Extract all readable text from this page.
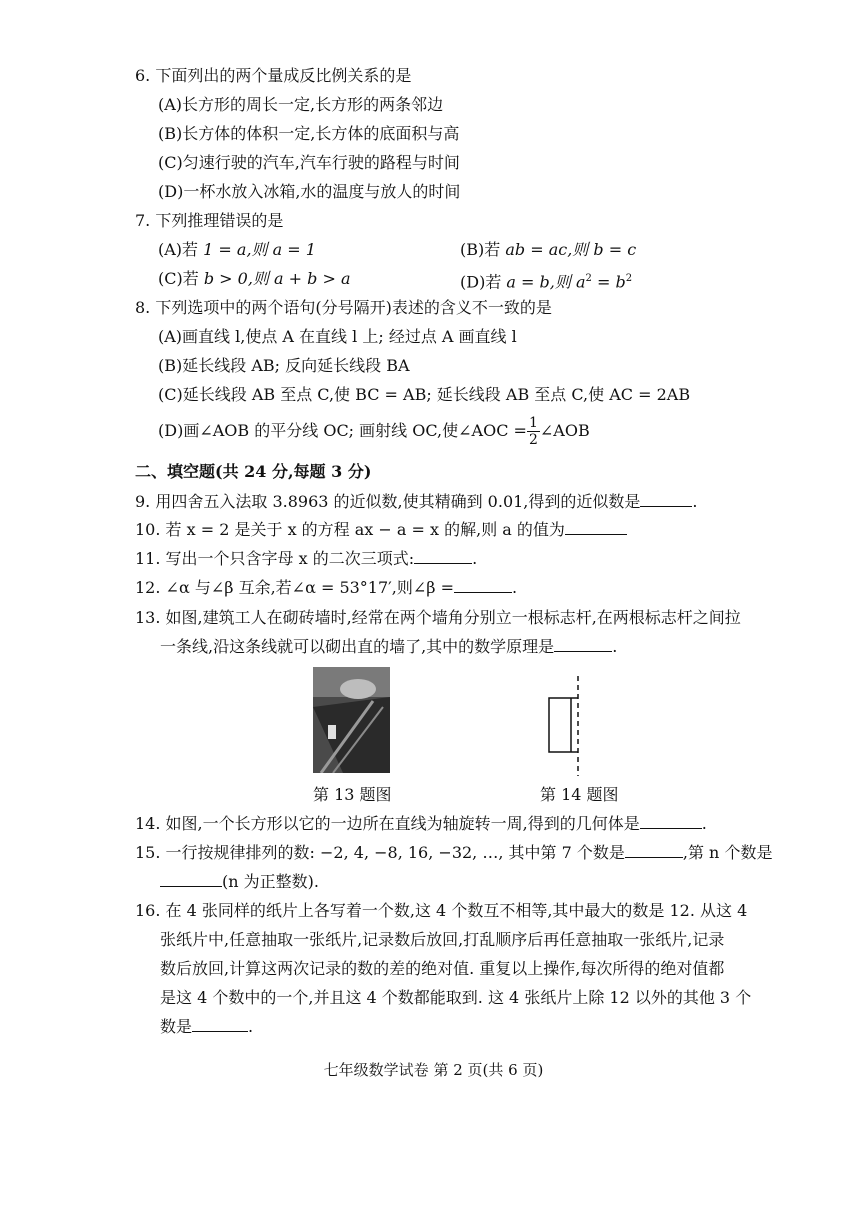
6. 下面列出的两个量成反比例关系的是
(A)长方形的周长一定,长方形的两条邻边
(B)长方体的体积一定,长方体的底面积与高
(C)匀速行驶的汽车,汽车行驶的路程与时间
(D)一杯水放入冰箱,水的温度与放人的时间
7. 下列推理错误的是
(A)若 1 = a,则 a = 1	(B)若 ab = ac,则 b = c
(C)若 b > 0,则 a + b > a	(D)若 a = b,则 $a^2 = b^2$
8. 下列选项中的两个语句(分号隔开)表述的含义不一致的是
(A)画直线 l,使点 A 在直线 l 上; 经过点 A 画直线 l
(B)延长线段 AB; 反向延长线段 BA
(C)延长线段 AB 至点 C,使 BC = AB; 延长线段 AB 至点 C,使 AC = 2AB
(D)画∠AOB 的平分线 OC; 画射线 OC,使∠AOC = $\frac{1}{2}$ ∠AOB
二、填空题(共 24 分,每题 3 分)
9. 用四舍五入法取 3.8963 的近似数,使其精确到 0.01,得到的近似数是	.
10. 若 x = 2 是关于 x 的方程 ax − a = x 的解,则 a 的值为
11. 写出一个只含字母 x 的二次三项式:	.
12. ∠α 与∠β 互余,若∠α = 53°17′,则∠β =	.
13. 如图,建筑工人在砌砖墙时,经常在两个墙角分别立一根标志杆,在两根标志杆之间拉
一条线,沿这条线就可以砌出直的墙了,其中的数学原理是	.
第 13 题图	第 14 题图
14. 如图,一个长方形以它的一边所在直线为轴旋转一周,得到的几何体是	.
15. 一行按规律排列的数: −2, 4, −8, 16, −32, …, 其中第 7 个数是	,第 n 个数是
(n 为正整数).
16. 在 4 张同样的纸片上各写着一个数,这 4 个数互不相等,其中最大的数是 12. 从这 4
张纸片中,任意抽取一张纸片,记录数后放回,打乱顺序后再任意抽取一张纸片,记录
数后放回,计算这两次记录的数的差的绝对值. 重复以上操作,每次所得的绝对值都
是这 4 个数中的一个,并且这 4 个数都能取到. 这 4 张纸片上除 12 以外的其他 3 个
数是	.
七年级数学试卷 第 2 页(共 6 页)
